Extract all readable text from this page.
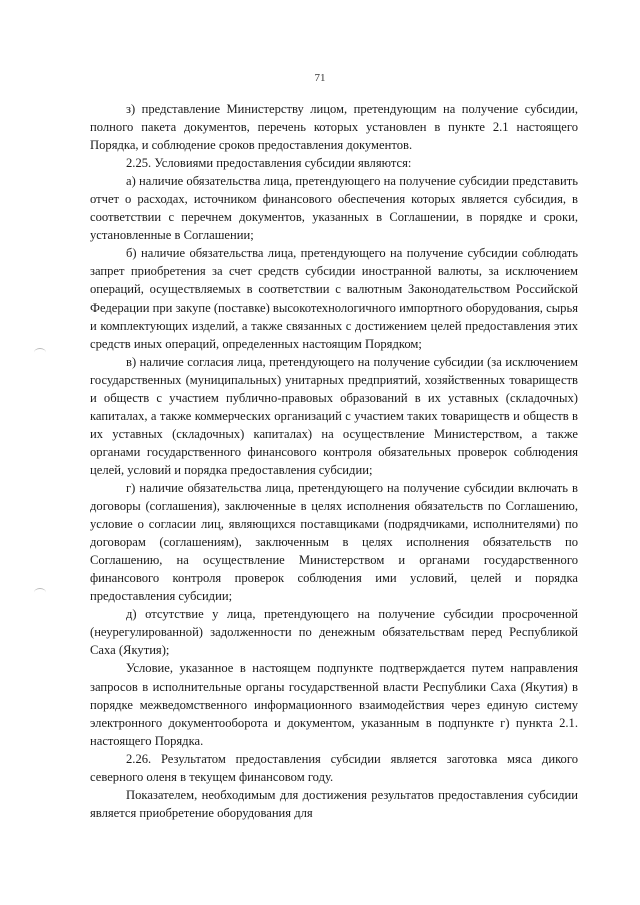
71

з) представление Министерству лицом, претендующим на получение субсидии, полного пакета документов, перечень которых установлен в пункте 2.1 настоящего Порядка, и соблюдение сроков предоставления документов.

2.25. Условиями предоставления субсидии являются:

а) наличие обязательства лица, претендующего на получение субсидии представить отчет о расходах, источником финансового обеспечения которых является субсидия, в соответствии с перечнем документов, указанных в Соглашении, в порядке и сроки, установленные в Соглашении;

б) наличие обязательства лица, претендующего на получение субсидии соблюдать запрет приобретения за счет средств субсидии иностранной валюты, за исключением операций, осуществляемых в соответствии с валютным Законодательством Российской Федерации при закупе (поставке) высокотехнологичного импортного оборудования, сырья и комплектующих изделий, а также связанных с достижением целей предоставления этих средств иных операций, определенных настоящим Порядком;

в) наличие согласия лица, претендующего на получение субсидии (за исключением государственных (муниципальных) унитарных предприятий, хозяйственных товариществ и обществ с участием публично-правовых образований в их уставных (складочных) капиталах, а также коммерческих организаций с участием таких товариществ и обществ в их уставных (складочных) капиталах) на осуществление Министерством, а также органами государственного финансового контроля обязательных проверок соблюдения целей, условий и порядка предоставления субсидии;

г) наличие обязательства лица, претендующего на получение субсидии включать в договоры (соглашения), заключенные в целях исполнения обязательств по Соглашению, условие о согласии лиц, являющихся поставщиками (подрядчиками, исполнителями) по договорам (соглашениям), заключенным в целях исполнения обязательств по Соглашению, на осуществление Министерством и органами государственного финансового контроля проверок соблюдения ими условий, целей и порядка предоставления субсидии;

д) отсутствие у лица, претендующего на получение субсидии просроченной (неурегулированной) задолженности по денежным обязательствам перед Республикой Саха (Якутия);

Условие, указанное в настоящем подпункте подтверждается путем направления запросов в исполнительные органы государственной власти Республики Саха (Якутия) в порядке межведомственного информационного взаимодействия через единую систему электронного документооборота и документом, указанным в подпункте г) пункта 2.1. настоящего Порядка.

2.26. Результатом предоставления субсидии является заготовка мяса дикого северного оленя в текущем финансовом году.

Показателем, необходимым для достижения результатов предоставления субсидии является приобретение оборудования для
